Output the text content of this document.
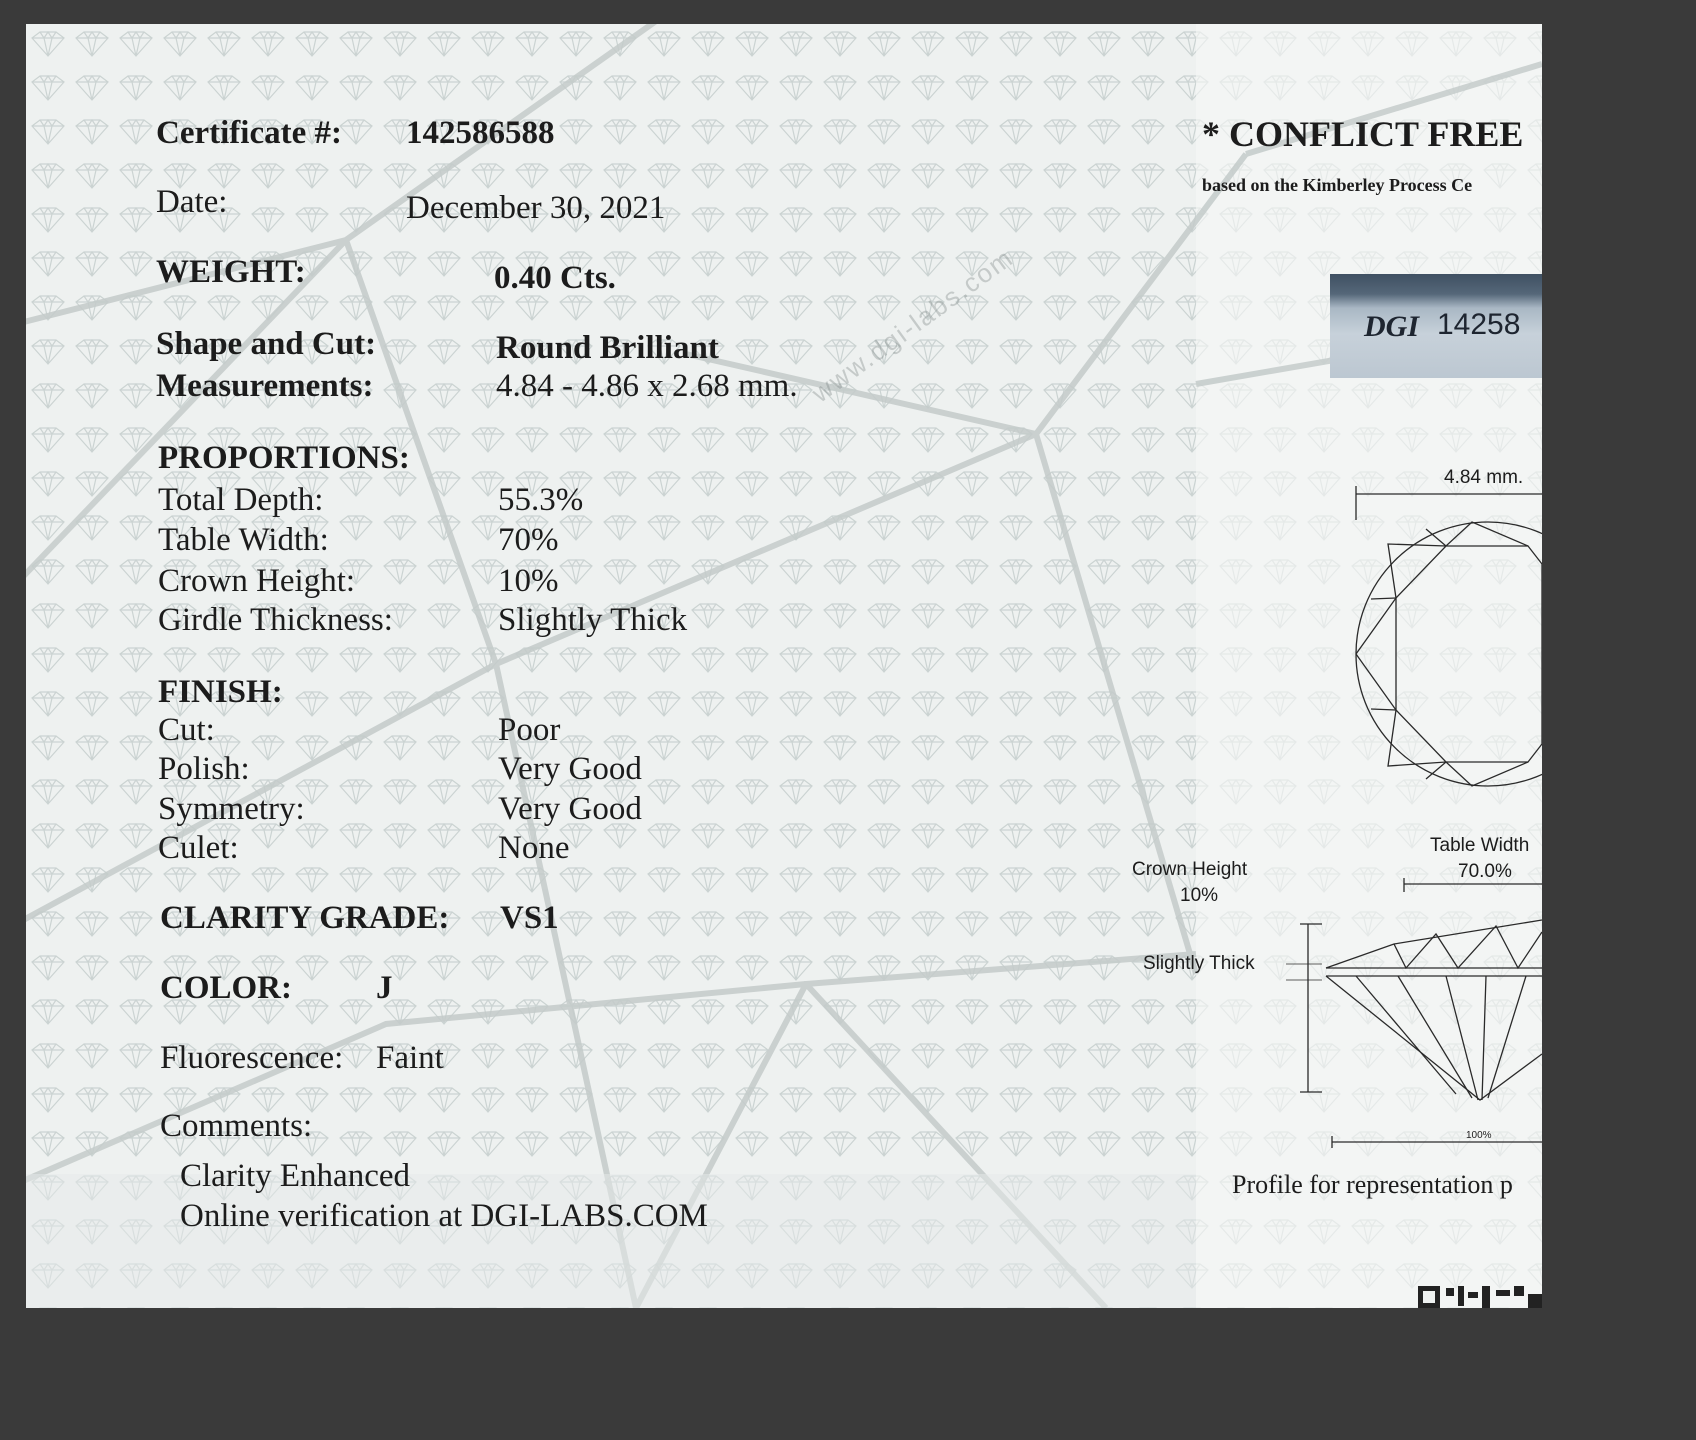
www.dgi-labs.com
Certificate #: 142586588
Date:	December 30, 2021
WEIGHT:	0.40 Cts.
Shape and Cut:	Round Brilliant
Measurements:	4.84 - 4.86 x 2.68 mm.
PROPORTIONS:
Total Depth:	55.3%
Table Width:	70%
Crown Height:	10%
Girdle Thickness:	Slightly Thick
FINISH:
Cut:	Poor
Polish:	Very Good
Symmetry:	Very Good
Culet:	None
CLARITY GRADE: VS1
COLOR:	J
Fluorescence: Faint
Comments:
Clarity Enhanced
Online verification at DGI-LABS.COM
* CONFLICT FREE
based on the Kimberley Process Ce
DGI 14258
4.84 mm.
Table Width
70.0%
Crown Height
10%
Slightly Thick
100%
Profile for representation p
